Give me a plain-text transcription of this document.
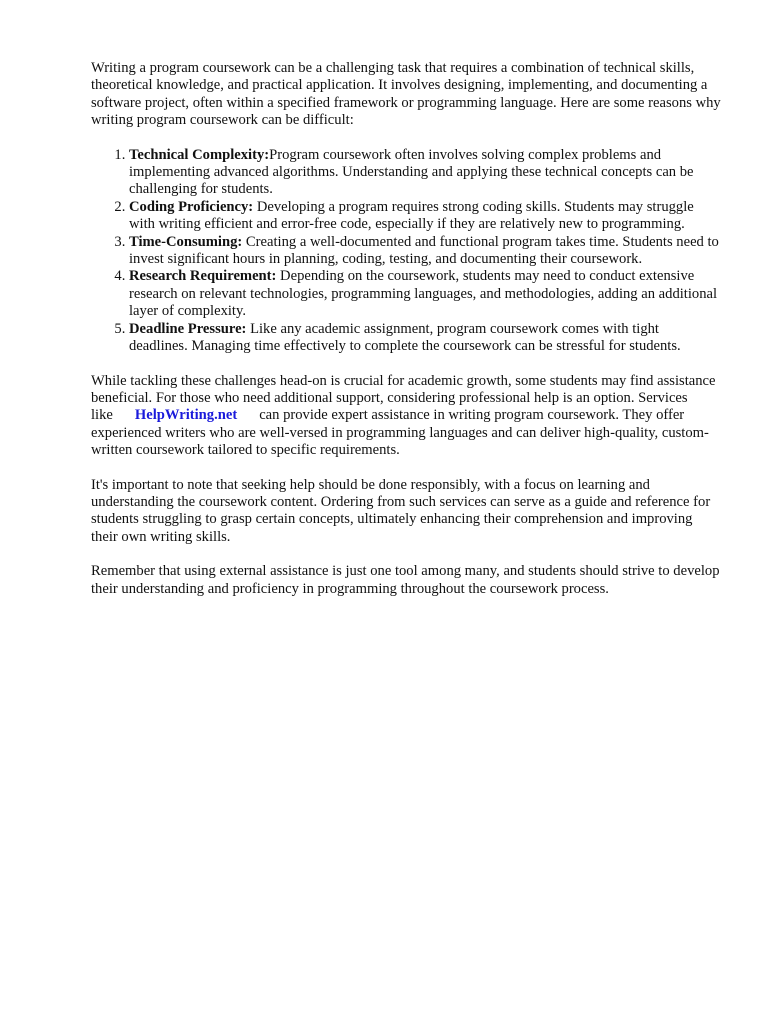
Writing a program coursework can be a challenging task that requires a combination of technical skills, theoretical knowledge, and practical application. It involves designing, implementing, and documenting a software project, often within a specified framework or programming language. Here are some reasons why writing program coursework can be difficult:

1. Technical Complexity:Program coursework often involves solving complex problems and implementing advanced algorithms. Understanding and applying these technical concepts can be challenging for students.
2. Coding Proficiency: Developing a program requires strong coding skills. Students may struggle with writing efficient and error-free code, especially if they are relatively new to programming.
3. Time-Consuming: Creating a well-documented and functional program takes time. Students need to invest significant hours in planning, coding, testing, and documenting their coursework.
4. Research Requirement: Depending on the coursework, students may need to conduct extensive research on relevant technologies, programming languages, and methodologies, adding an additional layer of complexity.
5. Deadline Pressure: Like any academic assignment, program coursework comes with tight deadlines. Managing time effectively to complete the coursework can be stressful for students.

While tackling these challenges head-on is crucial for academic growth, some students may find assistance beneficial. For those who need additional support, considering professional help is an option. Services like HelpWriting.net can provide expert assistance in writing program coursework. They offer experienced writers who are well-versed in programming languages and can deliver high-quality, custom-written coursework tailored to specific requirements.

It's important to note that seeking help should be done responsibly, with a focus on learning and understanding the coursework content. Ordering from such services can serve as a guide and reference for students struggling to grasp certain concepts, ultimately enhancing their comprehension and improving their own writing skills.

Remember that using external assistance is just one tool among many, and students should strive to develop their understanding and proficiency in programming throughout the coursework process.
